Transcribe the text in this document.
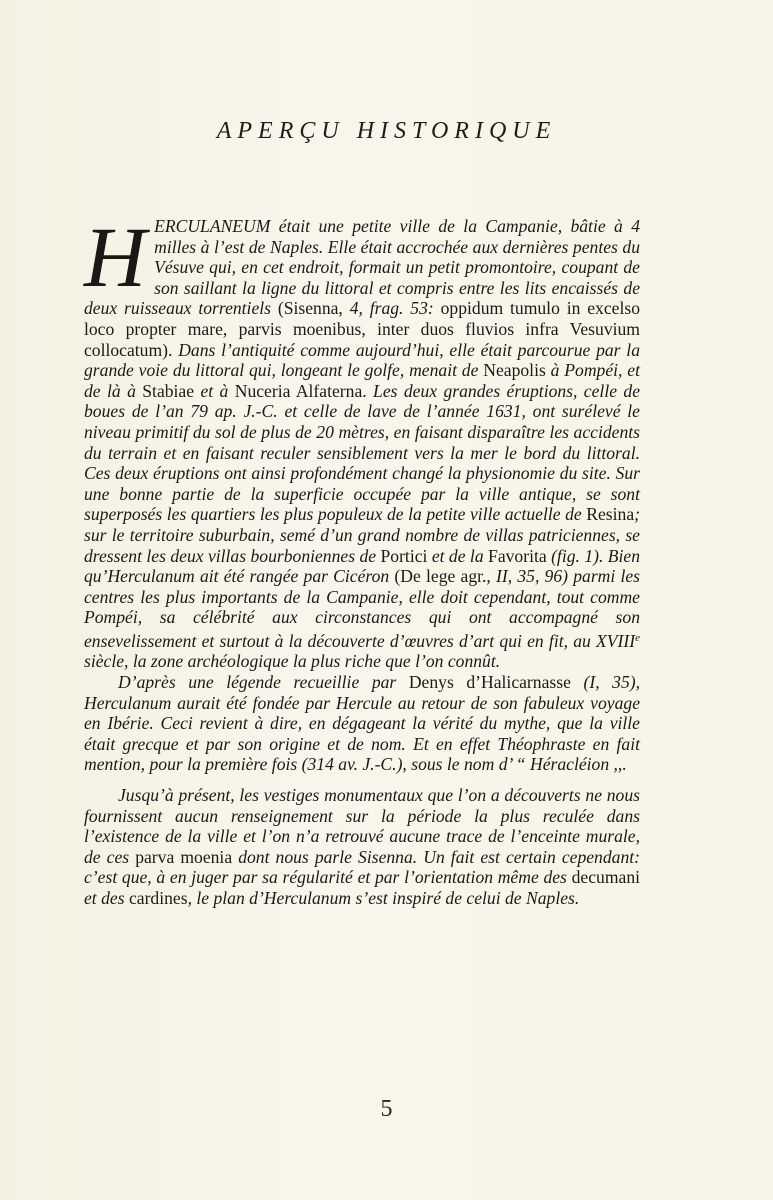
APERÇU HISTORIQUE

HERCULANEUM était une petite ville de la Campanie, bâtie à 4 milles à l’est de Naples. Elle était accrochée aux dernières pentes du Vésuve qui, en cet endroit, formait un petit promontoire, coupant de son saillant la ligne du littoral et compris entre les lits encaissés de deux ruisseaux torrentiels (Sisenna, 4, frag. 53: oppidum tumulo in excelso loco propter mare, parvis moenibus, inter duos fluvios infra Vesuvium collocatum). Dans l’antiquité comme aujourd’hui, elle était parcourue par la grande voie du littoral qui, longeant le golfe, menait de Neapolis à Pompéi, et de là à Stabiae et à Nuceria Alfaterna. Les deux grandes éruptions, celle de boues de l’an 79 ap. J.-C. et celle de lave de l’année 1631, ont surélevé le niveau primitif du sol de plus de 20 mètres, en faisant disparaître les accidents du terrain et en faisant reculer sensiblement vers la mer le bord du littoral. Ces deux éruptions ont ainsi profondément changé la physionomie du site. Sur une bonne partie de la superficie occupée par la ville antique, se sont superposés les quartiers les plus populeux de la petite ville actuelle de Resina; sur le territoire suburbain, semé d’un grand nombre de villas patriciennes, se dressent les deux villas bourboniennes de Portici et de la Favorita (fig. 1). Bien qu’Herculanum ait été rangée par Cicéron (De lege agr., II, 35, 96) parmi les centres les plus importants de la Campanie, elle doit cependant, tout comme Pompéi, sa célébrité aux circonstances qui ont accompagné son ensevelissement et surtout à la découverte d’œuvres d’art qui en fit, au XVIIIe siècle, la zone archéologique la plus riche que l’on connût.

D’après une légende recueillie par Denys d’Halicarnasse (I, 35), Herculanum aurait été fondée par Hercule au retour de son fabuleux voyage en Ibérie. Ceci revient à dire, en dégageant la vérité du mythe, que la ville était grecque et par son origine et de nom. Et en effet Théophraste en fait mention, pour la première fois (314 av. J.-C.), sous le nom d’ “ Héracléion ,,.

Jusqu’à présent, les vestiges monumentaux que l’on a découverts ne nous fournissent aucun renseignement sur la période la plus reculée dans l’existence de la ville et l’on n’a retrouvé aucune trace de l’enceinte murale, de ces parva moenia dont nous parle Sisenna. Un fait est certain cependant: c’est que, à en juger par sa régularité et par l’orientation même des decumani et des cardines, le plan d’Herculanum s’est inspiré de celui de Naples.

5
